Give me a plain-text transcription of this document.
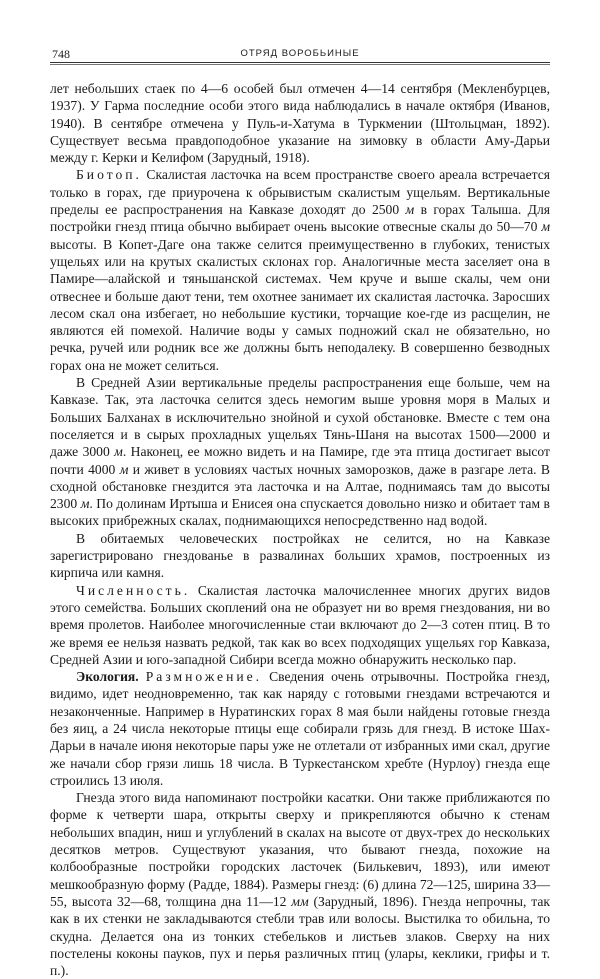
748	ОТРЯД ВОРОБЬИНЫЕ

лет небольших стаек по 4—6 особей был отмечен 4—14 сентября (Мекленбурцев, 1937). У Гарма последние особи этого вида наблюдались в начале октября (Иванов, 1940). В сентябре отмечена у Пуль-и-Хатума в Туркмении (Штольцман, 1892). Существует весьма правдоподобное указание на зимовку в области Аму-Дарьи между г. Керки и Келифом (Зарудный, 1918).

Биотоп. Скалистая ласточка на всем пространстве своего ареала встречается только в горах, где приурочена к обрывистым скалистым ущельям. Вертикальные пределы ее распространения на Кавказе доходят до 2500 м в горах Талыша. Для постройки гнезд птица обычно выбирает очень высокие отвесные скалы до 50—70 м высоты. В Копет-Даге она также селится преимущественно в глубоких, тенистых ущельях или на крутых скалистых склонах гор. Аналогичные места заселяет она в Памире—алайской и тяньшанской системах. Чем круче и выше скалы, чем они отвеснее и больше дают тени, тем охотнее занимает их скалистая ласточка. Заросших лесом скал она избегает, но небольшие кустики, торчащие кое-где из расщелин, не являются ей помехой. Наличие воды у самых подножий скал не обязательно, но речка, ручей или родник все же должны быть неподалеку. В совершенно безводных горах она не может селиться.

В Средней Азии вертикальные пределы распространения еще больше, чем на Кавказе. Так, эта ласточка селится здесь немогим выше уровня моря в Малых и Больших Балханах в исключительно знойной и сухой обстановке. Вместе с тем она поселяется и в сырых прохладных ущельях Тянь-Шаня на высотах 1500—2000 и даже 3000 м. Наконец, ее можно видеть и на Памире, где эта птица достигает высот почти 4000 м и живет в условиях частых ночных заморозков, даже в разгаре лета. В сходной обстановке гнездится эта ласточка и на Алтае, поднимаясь там до высоты 2300 м. По долинам Иртыша и Енисея она спускается довольно низко и обитает там в высоких прибрежных скалах, поднимающихся непосредственно над водой.

В обитаемых человеческих постройках не селится, но на Кавказе зарегистрировано гнездованье в развалинах больших храмов, построенных из кирпича или камня.

Численность. Скалистая ласточка малочисленнее многих других видов этого семейства. Больших скоплений она не образует ни во время гнездования, ни во время пролетов. Наиболее многочисленные стаи включают до 2—3 сотен птиц. В то же время ее нельзя назвать редкой, так как во всех подходящих ущельях гор Кавказа, Средней Азии и юго-западной Сибири всегда можно обнаружить несколько пар.

Экология. Размножение. Сведения очень отрывочны. Постройка гнезд, видимо, идет неодновременно, так как наряду с готовыми гнездами встречаются и незаконченные. Например в Нуратинских горах 8 мая были найдены готовые гнезда без яиц, а 24 числа некоторые птицы еще собирали грязь для гнезд. В истоке Шах-Дарьи в начале июня некоторые пары уже не отлетали от избранных ими скал, другие же начали сбор грязи лишь 18 числа. В Туркестанском хребте (Нурлоу) гнезда еще строились 13 июля.

Гнезда этого вида напоминают постройки касатки. Они также приближаются по форме к четверти шара, открыты сверху и прикрепляются обычно к стенам небольших впадин, ниш и углублений в скалах на высоте от двух-трех до нескольких десятков метров. Существуют указания, что бывают гнезда, похожие на колбообразные постройки городских ласточек (Билькевич, 1893), или имеют мешкообразную форму (Радде, 1884). Размеры гнезд: (6) длина 72—125, ширина 33—55, высота 32—68, толщина дна 11—12 мм (Зарудный, 1896). Гнезда непрочны, так как в их стенки не закладываются стебли трав или волосы. Выстилка то обильна, то скудна. Делается она из тонких стебельков и листьев злаков. Сверху на них постелены коконы пауков, пух и перья различных птиц (улары, кеклики, грифы и т. п.).
